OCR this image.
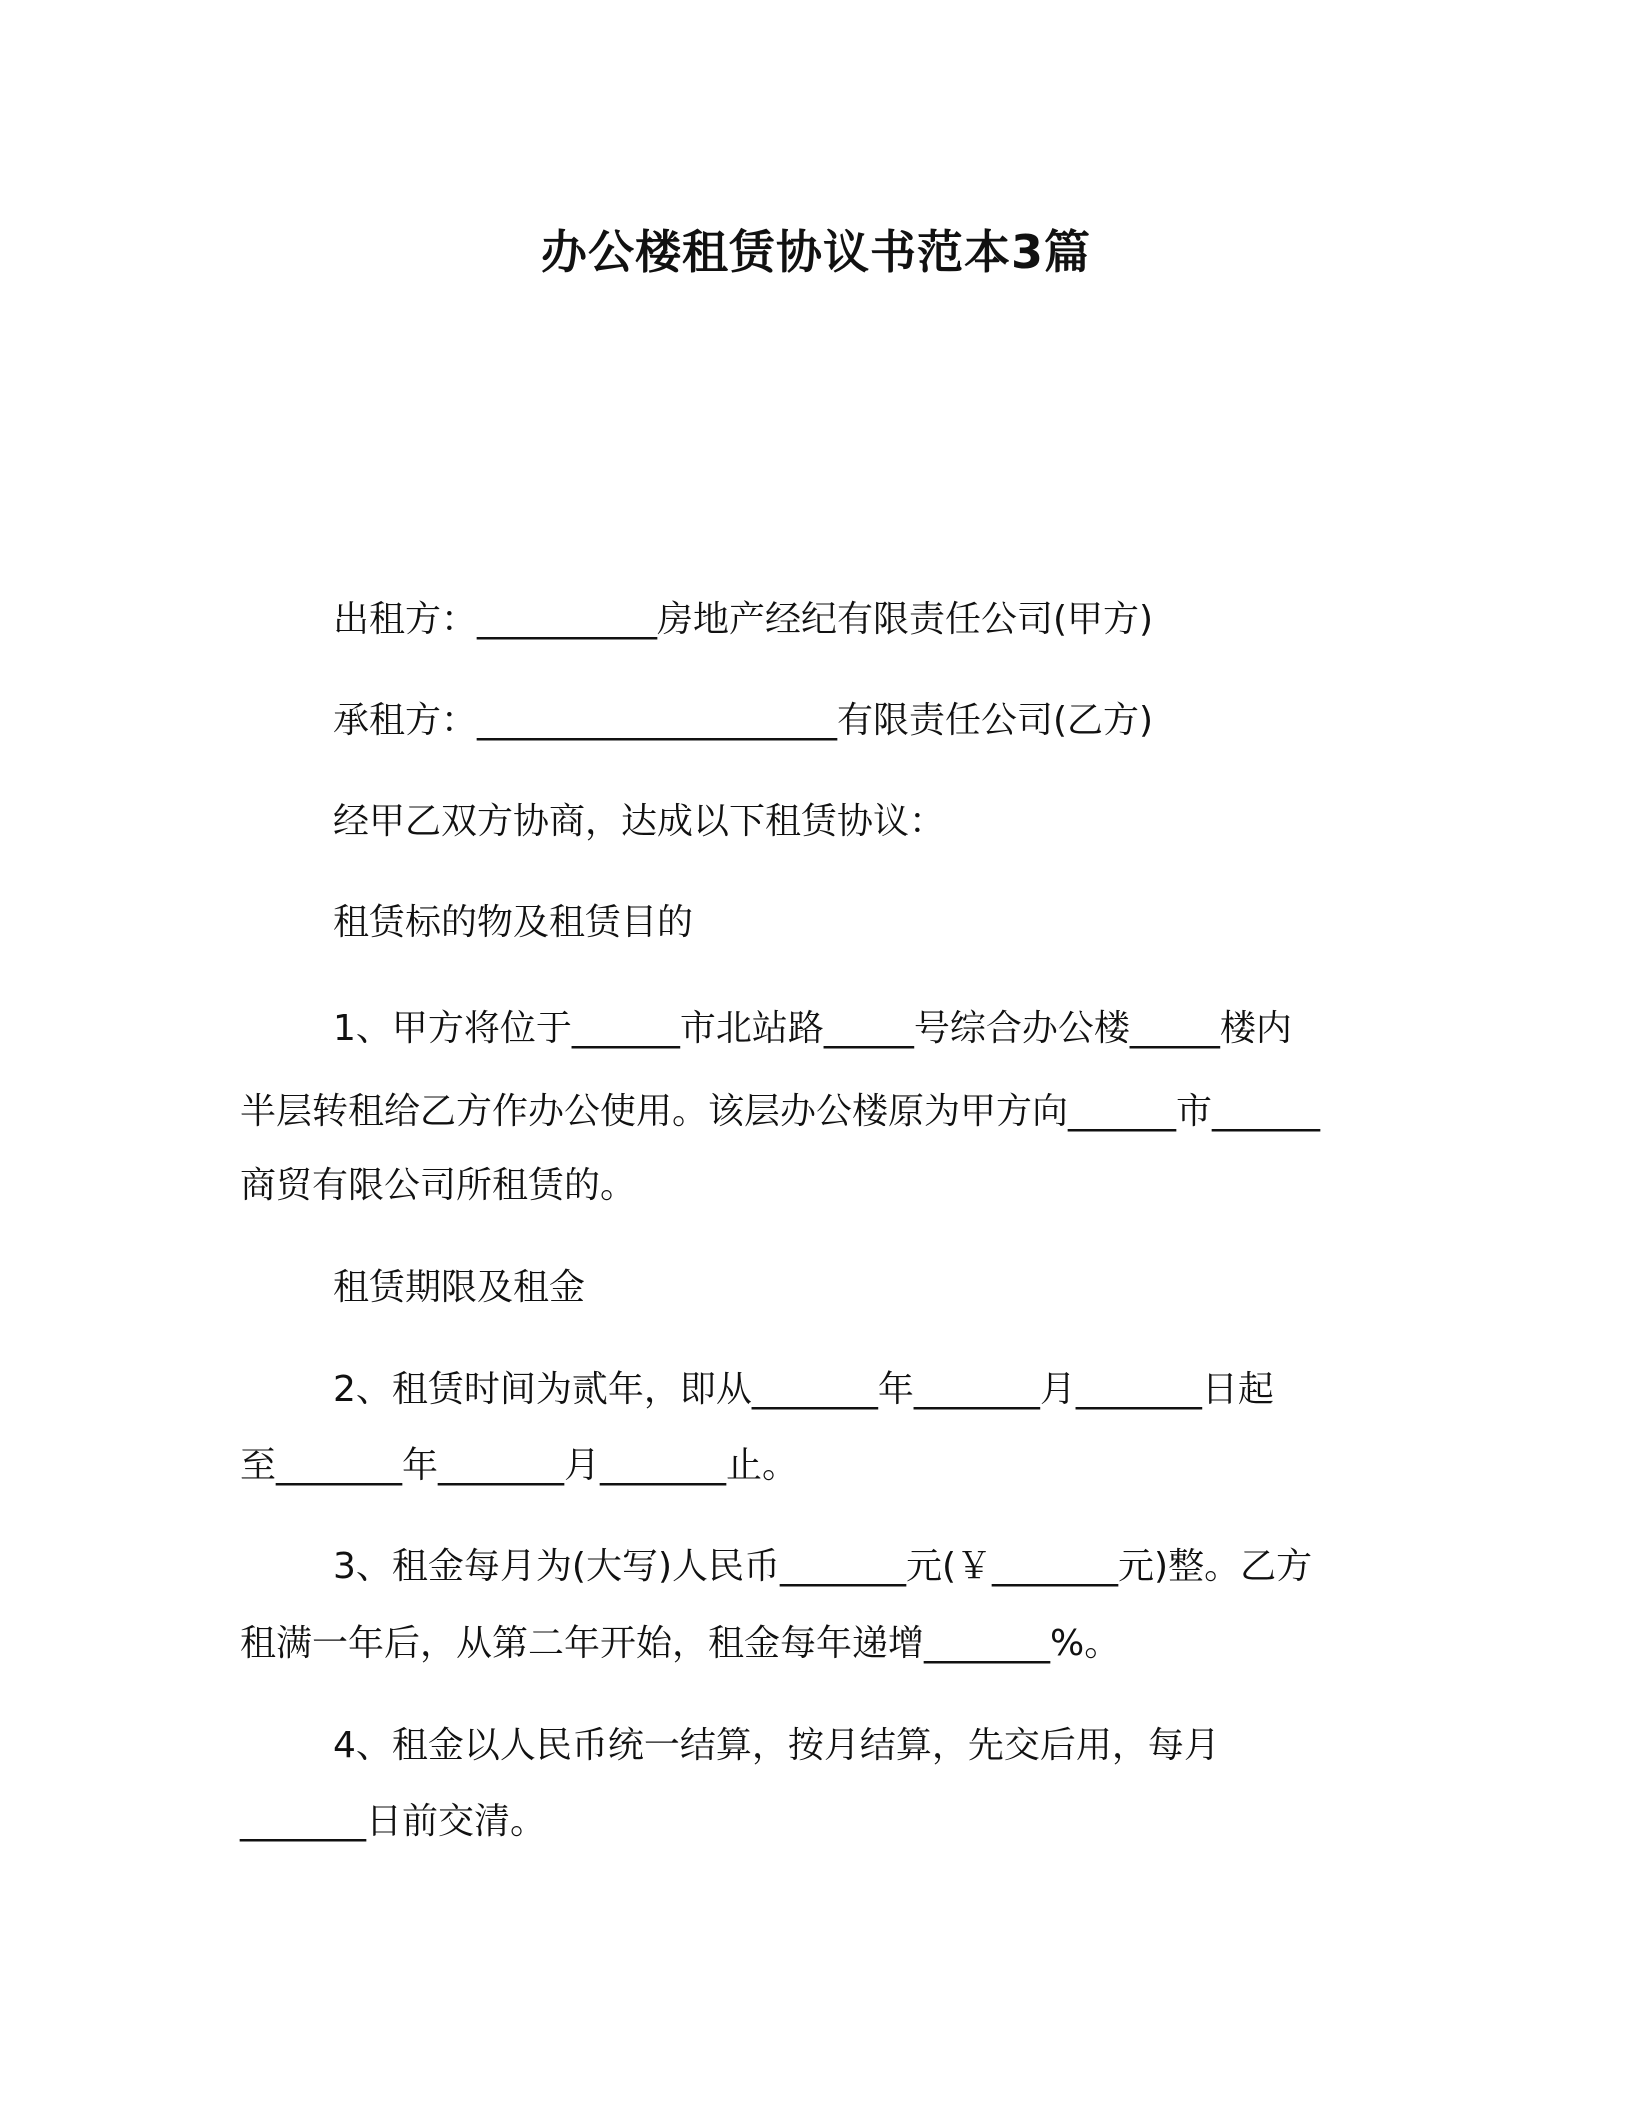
办公楼租赁协议书范本3篇
出租方：__________房地产经纪有限责任公司(甲方)
承租方：____________________有限责任公司(乙方)
经甲乙双方协商，达成以下租赁协议：
租赁标的物及租赁目的
1、甲方将位于______市北站路_____号综合办公楼_____楼内
半层转租给乙方作办公使用。该层办公楼原为甲方向______市______
商贸有限公司所租赁的。
租赁期限及租金
2、租赁时间为贰年，即从_______年_______月_______日起
至_______年_______月_______止。
3、租金每月为(大写)人民币_______元(￥_______元)整。乙方
租满一年后，从第二年开始，租金每年递增_______%。
4、租金以人民币统一结算，按月结算，先交后用，每月
_______日前交清。
